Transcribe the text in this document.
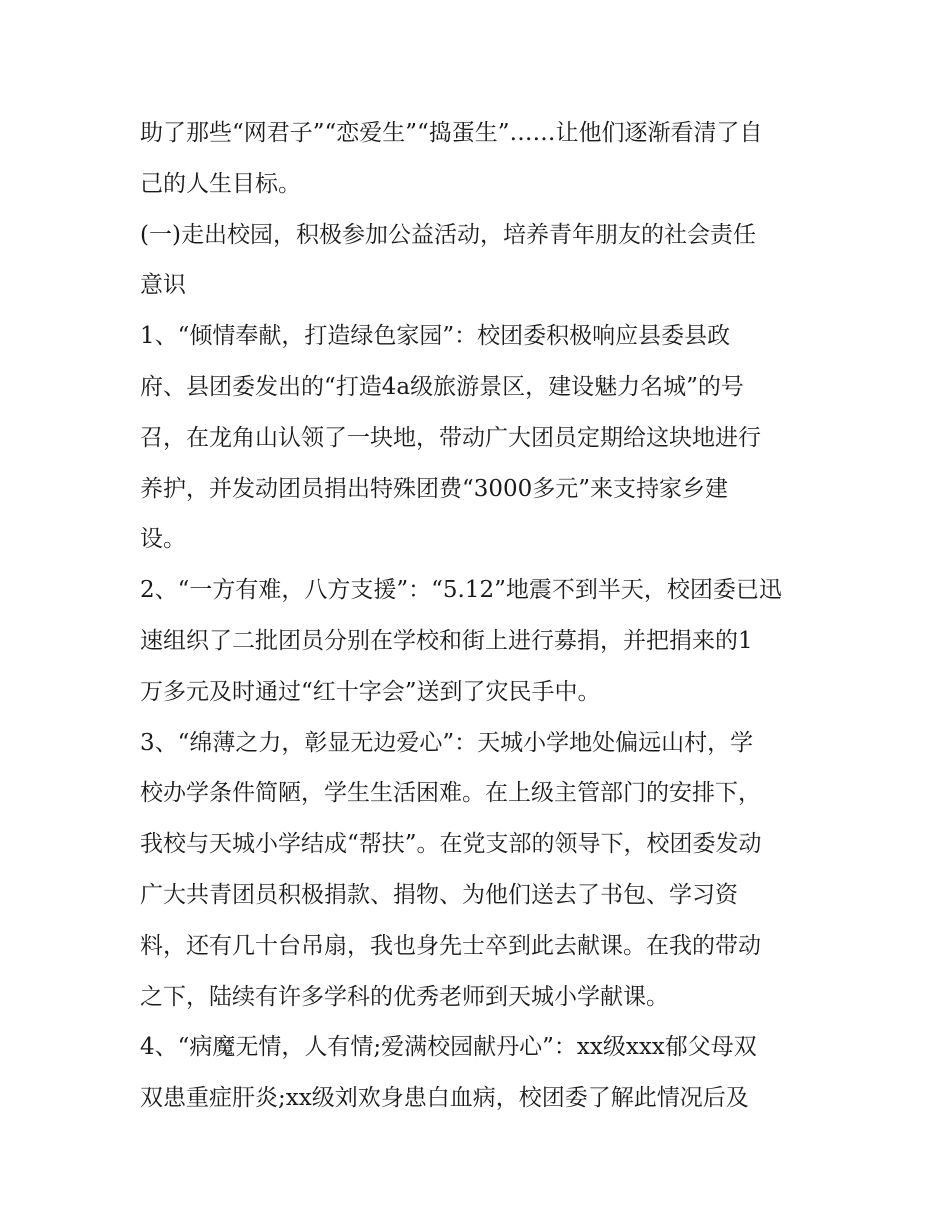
助了那些“网君子”“恋爱生”“捣蛋生”……让他们逐渐看清了自
己的人生目标。
(一)走出校园，积极参加公益活动，培养青年朋友的社会责任
意识
1、“倾情奉献，打造绿色家园”：校团委积极响应县委县政
府、县团委发出的“打造4a级旅游景区，建设魅力名城”的号
召，在龙角山认领了一块地，带动广大团员定期给这块地进行
养护，并发动团员捐出特殊团费“3000多元”来支持家乡建
设。
2、“一方有难，八方支援”：“5.12”地震不到半天，校团委已迅
速组织了二批团员分别在学校和街上进行募捐，并把捐来的1
万多元及时通过“红十字会”送到了灾民手中。
3、“绵薄之力，彰显无边爱心”：天城小学地处偏远山村，学
校办学条件简陋，学生生活困难。在上级主管部门的安排下，
我校与天城小学结成“帮扶”。在党支部的领导下，校团委发动
广大共青团员积极捐款、捐物、为他们送去了书包、学习资
料，还有几十台吊扇，我也身先士卒到此去献课。在我的带动
之下，陆续有许多学科的优秀老师到天城小学献课。
4、“病魔无情，人有情;爱满校园献丹心”：xx级xxx郁父母双
双患重症肝炎;xx级刘欢身患白血病，校团委了解此情况后及
